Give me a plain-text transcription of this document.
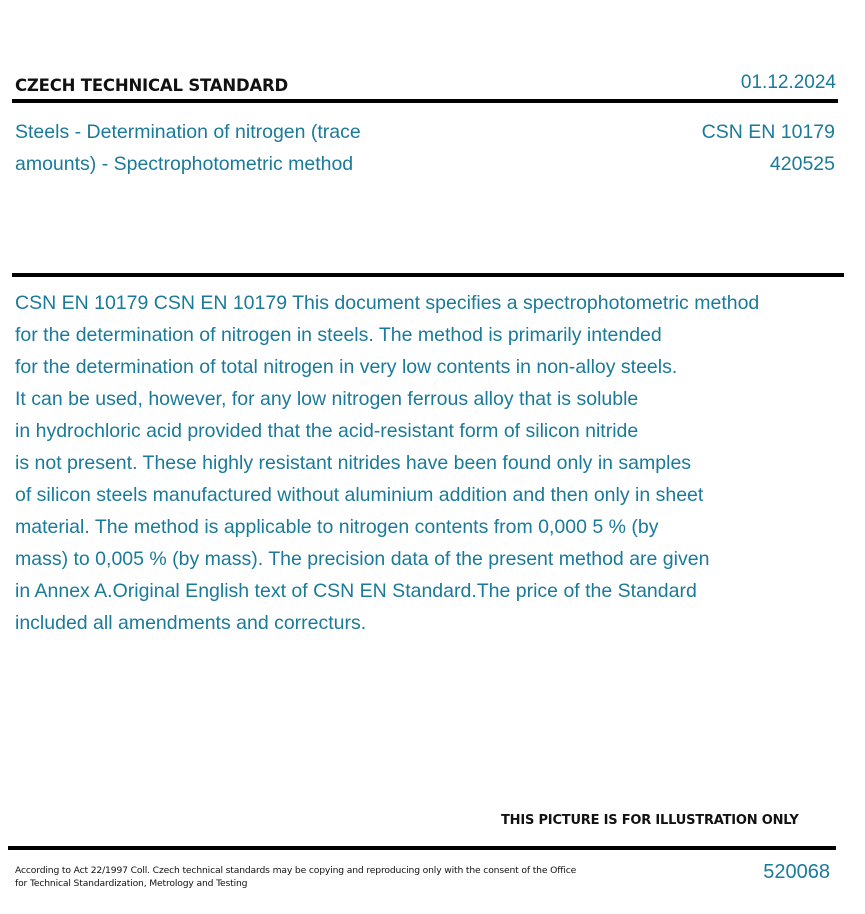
CZECH TECHNICAL STANDARD	01.12.2024
Steels - Determination of nitrogen (trace
amounts) - Spectrophotometric method
CSN EN 10179
420525
CSN EN 10179 CSN EN 10179 This document specifies a spectrophotometric method
for the determination of nitrogen in steels. The method is primarily intended
for the determination of total nitrogen in very low contents in non-alloy steels.
It can be used, however, for any low nitrogen ferrous alloy that is soluble
in hydrochloric acid provided that the acid-resistant form of silicon nitride
is not present. These highly resistant nitrides have been found only in samples
of silicon steels manufactured without aluminium addition and then only in sheet
material. The method is applicable to nitrogen contents from 0,000 5 % (by
mass) to 0,005 % (by mass). The precision data of the present method are given
in Annex A.Original English text of CSN EN Standard.The price of the Standard
included all amendments and correcturs.
THIS PICTURE IS FOR ILLUSTRATION ONLY
According to Act 22/1997 Coll. Czech technical standards may be copying and reproducing only with the consent of the Office
for Technical Standardization, Metrology and Testing
520068
